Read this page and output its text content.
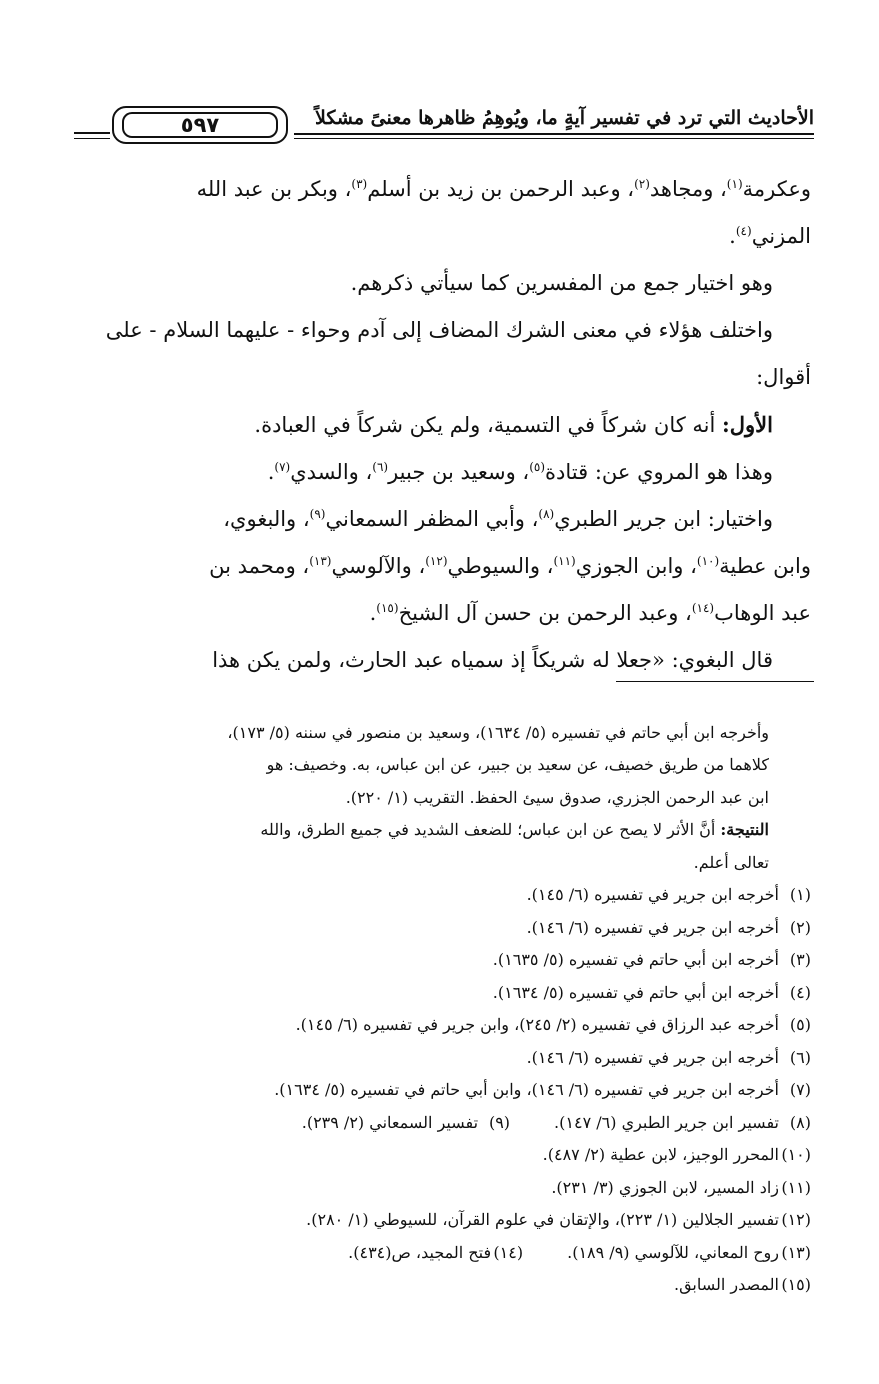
الأحاديث التي ترد في تفسير آيةٍ ما، ويُوهِمُ ظاهرها معنىً مشكلاً
٥٩٧

وعكرمة$^{(١)}$، ومجاهد$^{(٢)}$، وعبد الرحمن بن زيد بن أسلم$^{(٣)}$، وبكر بن عبد الله

المزني$^{(٤)}$.

وهو اختيار جمع من المفسرين كما سيأتي ذكرهم.

واختلف هؤلاء في معنى الشرك المضاف إلى آدم وحواء - عليهما السلام - على

أقوال:

الأول: أنه كان شركاً في التسمية، ولم يكن شركاً في العبادة.

وهذا هو المروي عن: قتادة$^{(٥)}$، وسعيد بن جبير$^{(٦)}$، والسدي$^{(٧)}$.

واختيار: ابن جرير الطبري$^{(٨)}$، وأبي المظفر السمعاني$^{(٩)}$، والبغوي،

وابن عطية$^{(١٠)}$، وابن الجوزي$^{(١١)}$، والسيوطي$^{(١٢)}$، والآلوسي$^{(١٣)}$، ومحمد بن

عبد الوهاب$^{(١٤)}$، وعبد الرحمن بن حسن آل الشيخ$^{(١٥)}$.

قال البغوي: «جعلا له شريكاً إذ سمياه عبد الحارث، ولمن يكن هذا

وأخرجه ابن أبي حاتم في تفسيره (٥/ ١٦٣٤)، وسعيد بن منصور في سننه (٥/ ١٧٣)،

كلاهما من طريق خصيف، عن سعيد بن جبير، عن ابن عباس، به. وخصيف: هو

ابن عبد الرحمن الجزري، صدوق سيئ الحفظ. التقريب (١/ ٢٢٠).

النتيجة: أنَّ الأثر لا يصح عن ابن عباس؛ للضعف الشديد في جميع الطرق، والله

تعالى أعلم.

(١)أخرجه ابن جرير في تفسيره (٦/ ١٤٥).

(٢)أخرجه ابن جرير في تفسيره (٦/ ١٤٦).

(٣)أخرجه ابن أبي حاتم في تفسيره (٥/ ١٦٣٥).

(٤)أخرجه ابن أبي حاتم في تفسيره (٥/ ١٦٣٤).

(٥)أخرجه عبد الرزاق في تفسيره (٢/ ٢٤٥)، وابن جرير في تفسيره (٦/ ١٤٥).

(٦)أخرجه ابن جرير في تفسيره (٦/ ١٤٦).

(٧)أخرجه ابن جرير في تفسيره (٦/ ١٤٦)، وابن أبي حاتم في تفسيره (٥/ ١٦٣٤).

(٨)تفسير ابن جرير الطبري (٦/ ١٤٧).(٩)تفسير السمعاني (٢/ ٢٣٩).

(١٠)المحرر الوجيز، لابن عطية (٢/ ٤٨٧).

(١١)زاد المسير، لابن الجوزي (٣/ ٢٣١).

(١٢)تفسير الجلالين (١/ ٢٢٣)، والإتقان في علوم القرآن، للسيوطي (١/ ٢٨٠).

(١٣)روح المعاني، للآلوسي (٩/ ١٨٩).(١٤)فتح المجيد، ص(٤٣٤).

(١٥)المصدر السابق.
